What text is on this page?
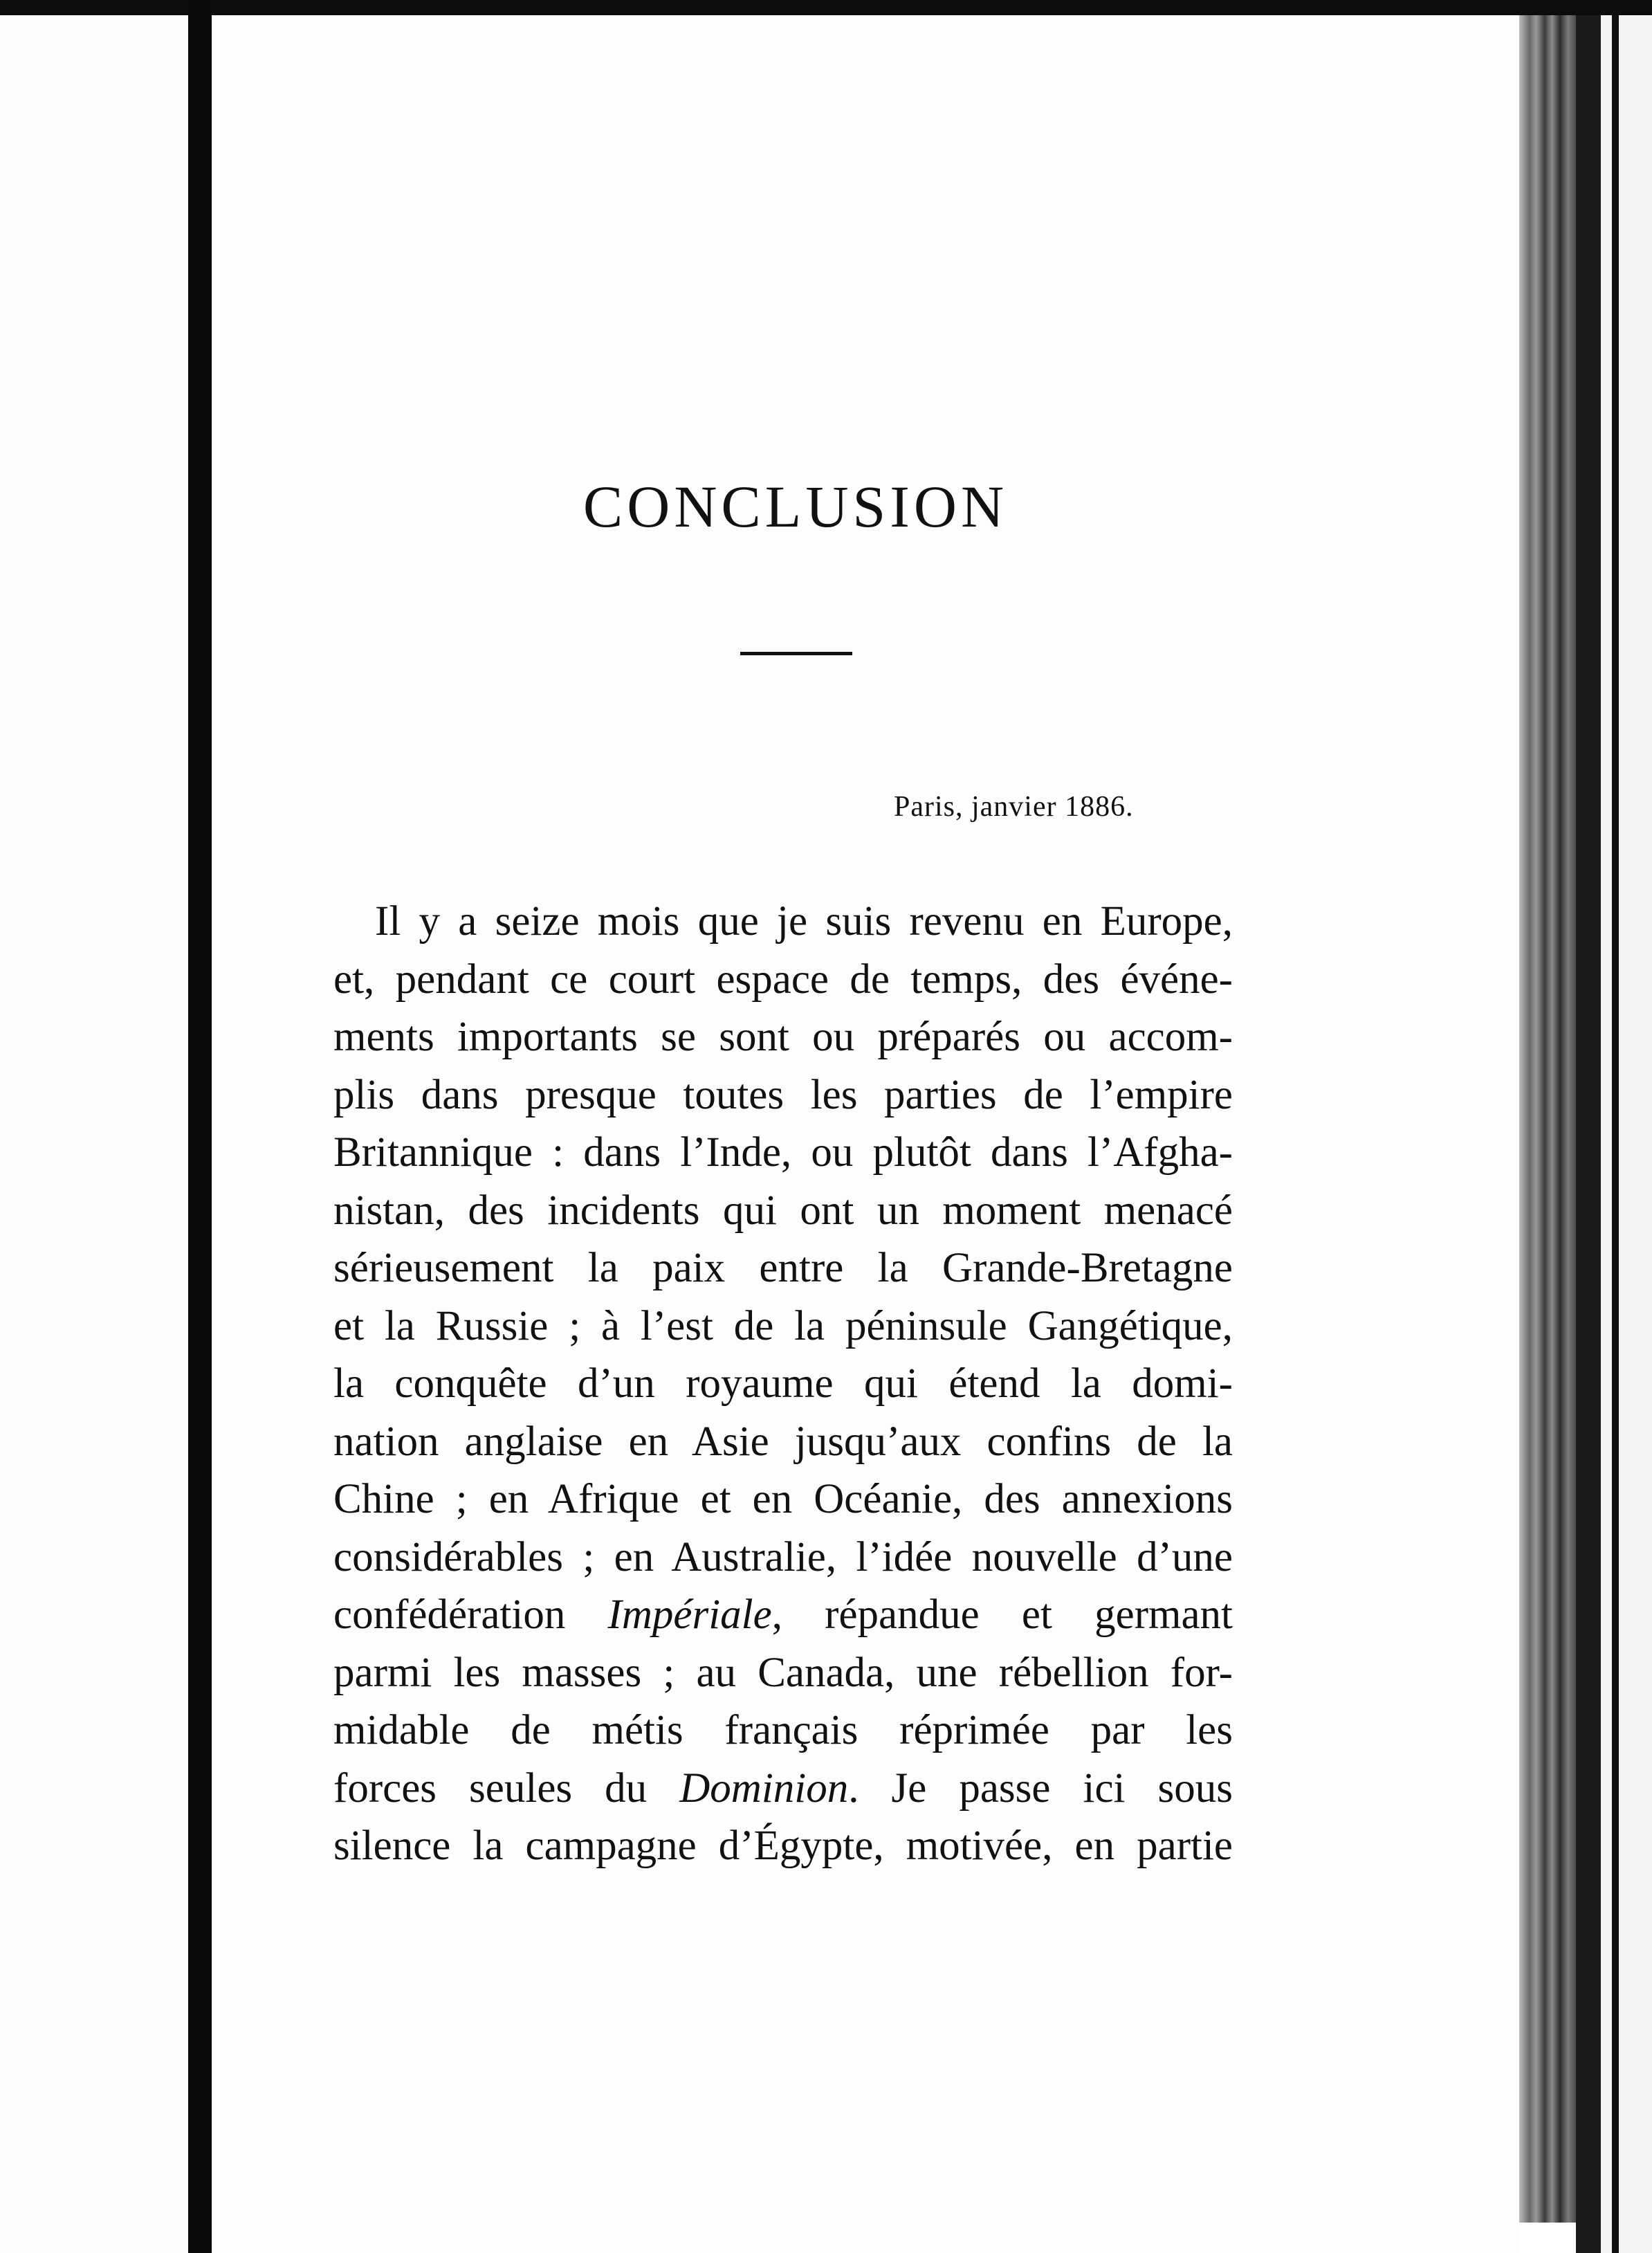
CONCLUSION
Paris, janvier 1886.
Il y a seize mois que je suis revenu en Europe,
et, pendant ce court espace de temps, des événe-
ments importants se sont ou préparés ou accom-
plis dans presque toutes les parties de l’empire
Britannique : dans l’Inde, ou plutôt dans l’Afgha-
nistan, des incidents qui ont un moment menacé
sérieusement la paix entre la Grande-Bretagne
et la Russie ; à l’est de la péninsule Gangétique,
la conquête d’un royaume qui étend la domi-
nation anglaise en Asie jusqu’aux confins de la
Chine ; en Afrique et en Océanie, des annexions
considérables ; en Australie, l’idée nouvelle d’une
confédération Impériale, répandue et germant
parmi les masses ; au Canada, une rébellion for-
midable de métis français réprimée par les
forces seules du Dominion. Je passe ici sous
silence la campagne d’Égypte, motivée, en partie
